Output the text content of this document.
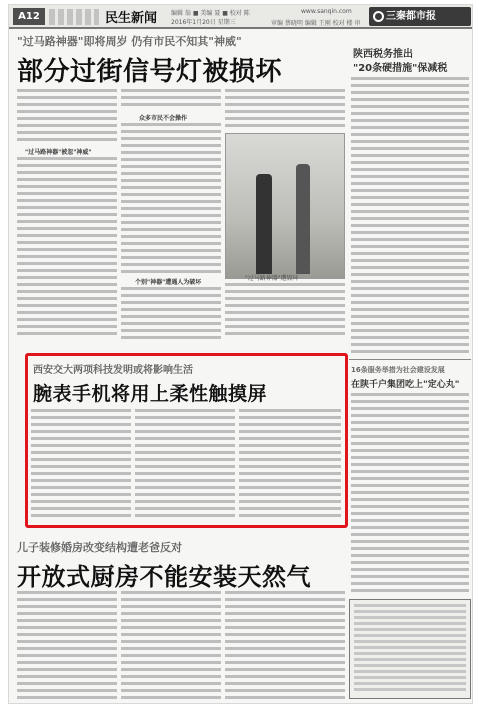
A12	民生新闻 编辑 翁 ■ 美编 聂 ■ 校对 陈
2016年1月20日 星期三	审编 蔡晓明 编辑 王刚 校对 楼 审
www.sanqin.com	三秦都市报
"过马路神器"即将周岁 仍有市民不知其"神威"
部分过街信号灯被损坏
"过马路神器"被忽"神威"
众多市民不会操作
个别"神器"遭遇人为破坏
"过马路神器"遭毁坏
西安交大两项科技发明或将影响生活
腕表手机将用上柔性触摸屏
儿子装修婚房改变结构遭老爸反对
开放式厨房不能安装天然气
陕西税务推出
"20条硬措施"保减税
16条服务举措为社会建设发展
在陕千户集团吃上"定心丸"
